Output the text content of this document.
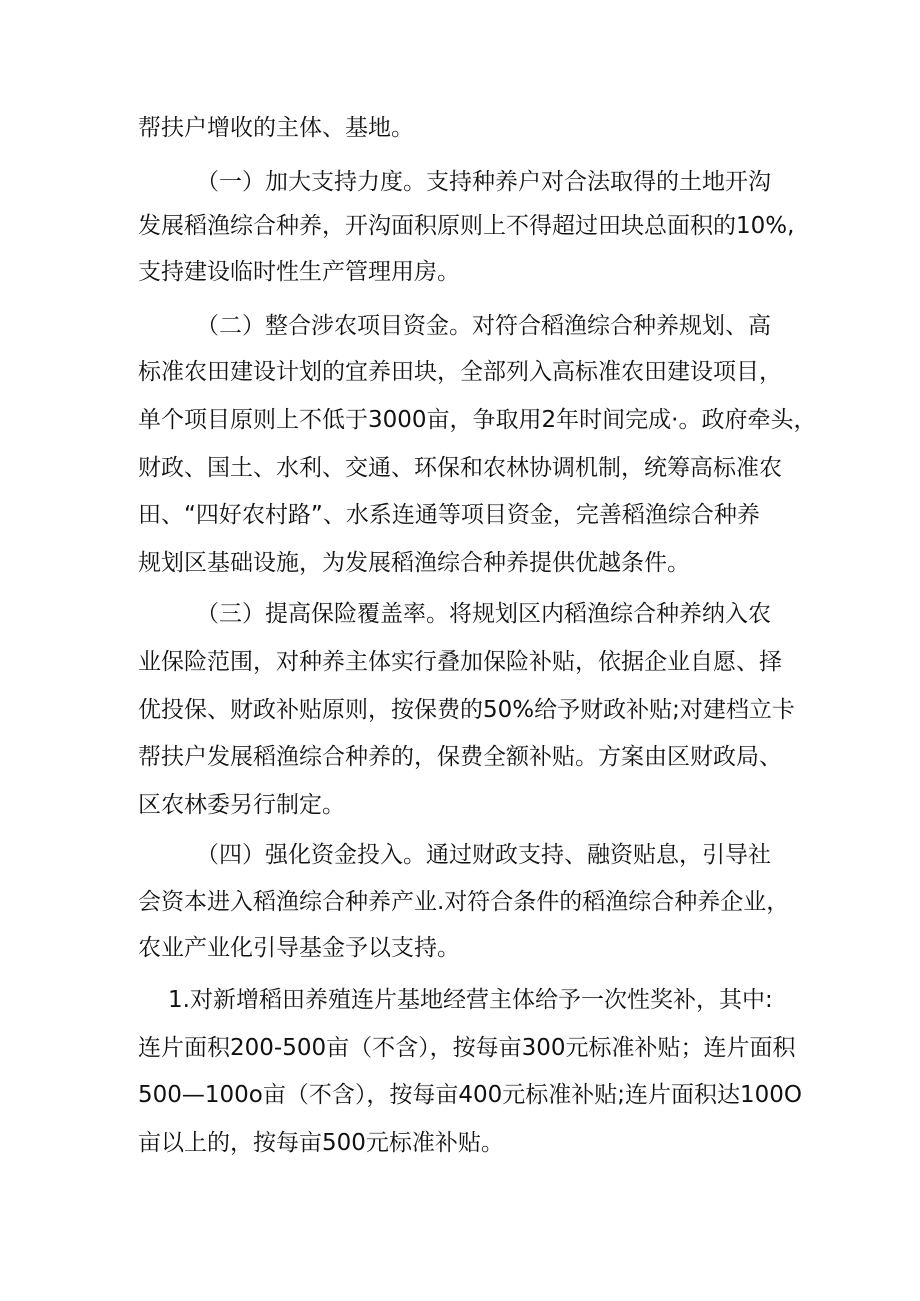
帮扶户增收的主体、基地。
（一）加大支持力度。支持种养户对合法取得的土地开沟
发展稻渔综合种养，开沟面积原则上不得超过田块总面积的10%,
支持建设临时性生产管理用房。
（二）整合涉农项目资金。对符合稻渔综合种养规划、高
标准农田建设计划的宜养田块，全部列入高标准农田建设项目，
单个项目原则上不低于3000亩，争取用2年时间完成·。政府牵头，
财政、国土、水利、交通、环保和农林协调机制，统筹高标准农
田、“四好农村路”、水系连通等项目资金，完善稻渔综合种养
规划区基础设施，为发展稻渔综合种养提供优越条件。
（三）提高保险覆盖率。将规划区内稻渔综合种养纳入农
业保险范围，对种养主体实行叠加保险补贴，依据企业自愿、择
优投保、财政补贴原则，按保费的50%给予财政补贴;对建档立卡
帮扶户发展稻渔综合种养的，保费全额补贴。方案由区财政局、
区农林委另行制定。
（四）强化资金投入。通过财政支持、融资贴息，引导社
会资本进入稻渔综合种养产业.对符合条件的稻渔综合种养企业，
农业产业化引导基金予以支持。
1.对新增稻田养殖连片基地经营主体给予一次性奖补，其中:
连片面积200-500亩（不含），按每亩300元标准补贴；连片面积
500—100o亩（不含），按每亩400元标准补贴;连片面积达100O
亩以上的，按每亩500元标准补贴。
